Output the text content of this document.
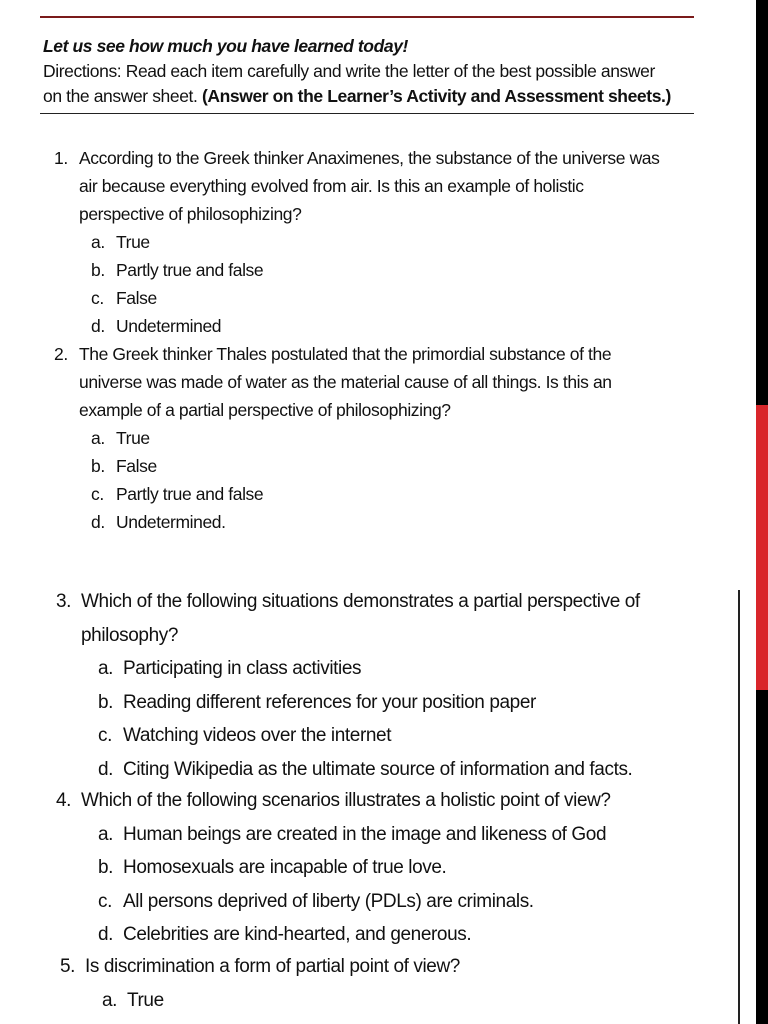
Let us see how much you have learned today!
Directions: Read each item carefully and write the letter of the best possible answer
on the answer sheet. (Answer on the Learner’s Activity and Assessment sheets.)
1. According to the Greek thinker Anaximenes, the substance of the universe was
air because everything evolved from air. Is this an example of holistic
perspective of philosophizing?
a. True
b. Partly true and false
c. False
d. Undetermined
2. The Greek thinker Thales postulated that the primordial substance of the
universe was made of water as the material cause of all things. Is this an
example of a partial perspective of philosophizing?
a. True
b. False
c. Partly true and false
d. Undetermined.
3. Which of the following situations demonstrates a partial perspective of
philosophy?
a. Participating in class activities
b. Reading different references for your position paper
c. Watching videos over the internet
d. Citing Wikipedia as the ultimate source of information and facts.
4. Which of the following scenarios illustrates a holistic point of view?
a. Human beings are created in the image and likeness of God
b. Homosexuals are incapable of true love.
c. All persons deprived of liberty (PDLs) are criminals.
d. Celebrities are kind-hearted, and generous.
5. Is discrimination a form of partial point of view?
a. True
